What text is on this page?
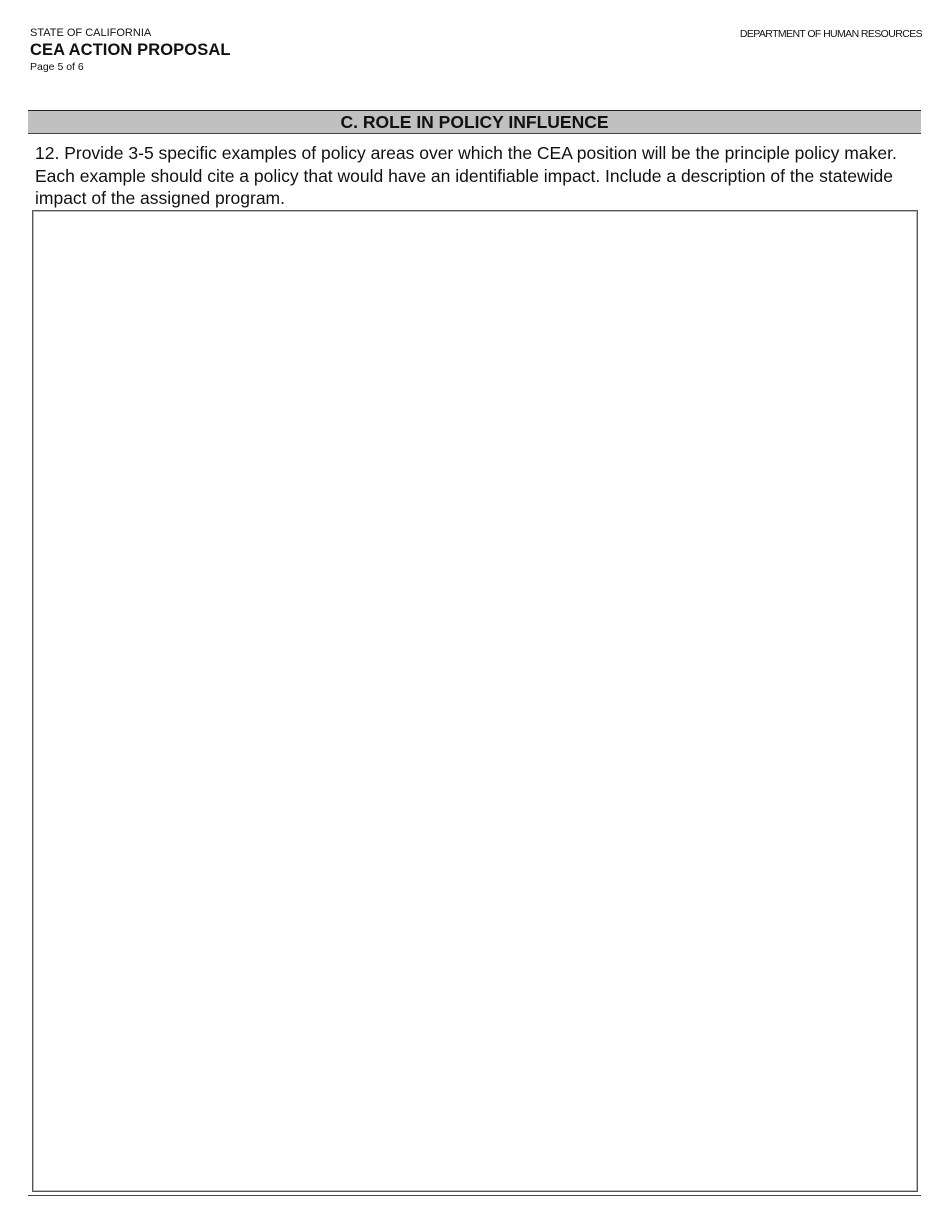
STATE OF CALIFORNIA
CEA ACTION PROPOSAL
Page 5 of 6
DEPARTMENT OF HUMAN RESOURCES
C. ROLE IN POLICY INFLUENCE

12. Provide 3-5 specific examples of policy areas over which the CEA position will be the principle policy maker.  Each example should cite a policy that would have an identifiable impact. Include a description of the statewide impact of the assigned program.
